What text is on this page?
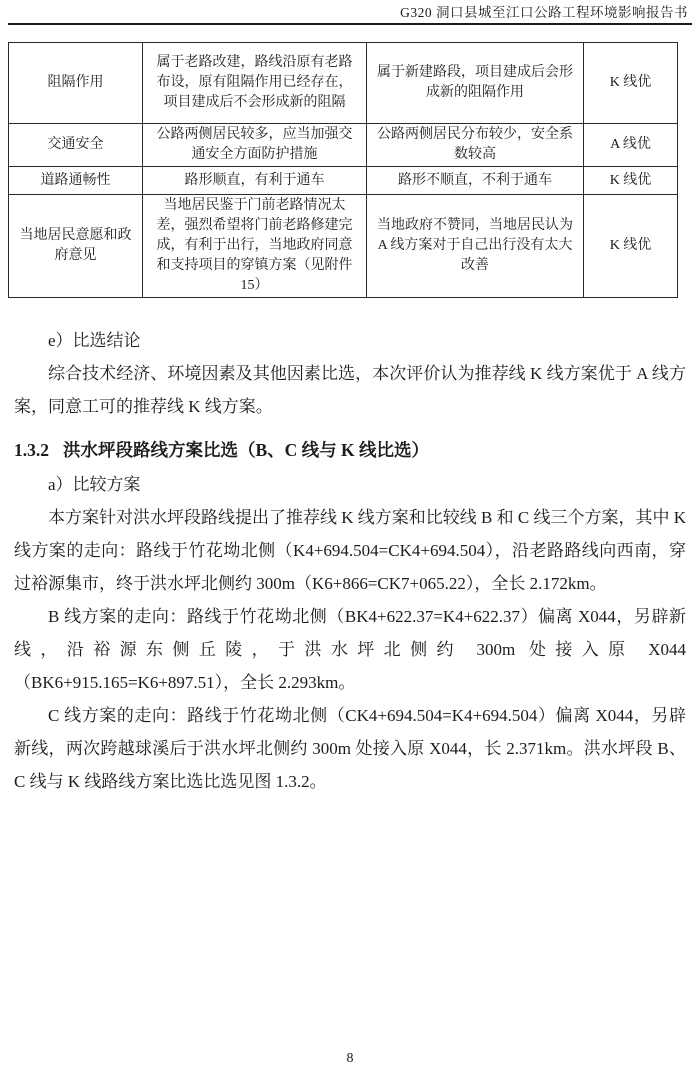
G320 洞口县城至江口公路工程环境影响报告书
阻隔作用	属于老路改建，路线沿原有老路布设，原有阻隔作用已经存在，项目建成后不会形成新的阻隔	属于新建路段，项目建成后会形成新的阻隔作用	K 线优
交通安全	公路两侧居民较多，应当加强交通安全方面防护措施	公路两侧居民分布较少，安全系数较高	A 线优
道路通畅性	路形顺直，有利于通车	路形不顺直，不利于通车	K 线优
当地居民意愿和政府意见	当地居民鉴于门前老路情况太差，强烈希望将门前老路修建完成，有利于出行，当地政府同意和支持项目的穿镇方案（见附件 15）	当地政府不赞同，当地居民认为 A 线方案对于自己出行没有太大改善	K 线优

e）比选结论

综合技术经济、环境因素及其他因素比选，本次评价认为推荐线 K 线方案优于 A 线方案，同意工可的推荐线 K 线方案。

1.3.2 洪水坪段路线方案比选（B、C 线与 K 线比选）

a）比较方案

本方案针对洪水坪段路线提出了推荐线 K 线方案和比较线 B 和 C 线三个方案，其中 K 线方案的走向：路线于竹花坳北侧（K4+694.504=CK4+694.504），沿老路路线向西南，穿过裕源集市，终于洪水坪北侧约 300m（K6+866=CK7+065.22），全长 2.172km。

B 线方案的走向：路线于竹花坳北侧（BK4+622.37=K4+622.37）偏离 X044，另辟新线，沿裕源东侧丘陵，于洪水坪北侧约 300m 处接入原 X044（BK6+915.165=K6+897.51），全长 2.293km。

C 线方案的走向：路线于竹花坳北侧（CK4+694.504=K4+694.504）偏离 X044，另辟新线，两次跨越球溪后于洪水坪北侧约 300m 处接入原 X044，长 2.371km。洪水坪段 B、C 线与 K 线路线方案比选比选见图 1.3.2。

8
